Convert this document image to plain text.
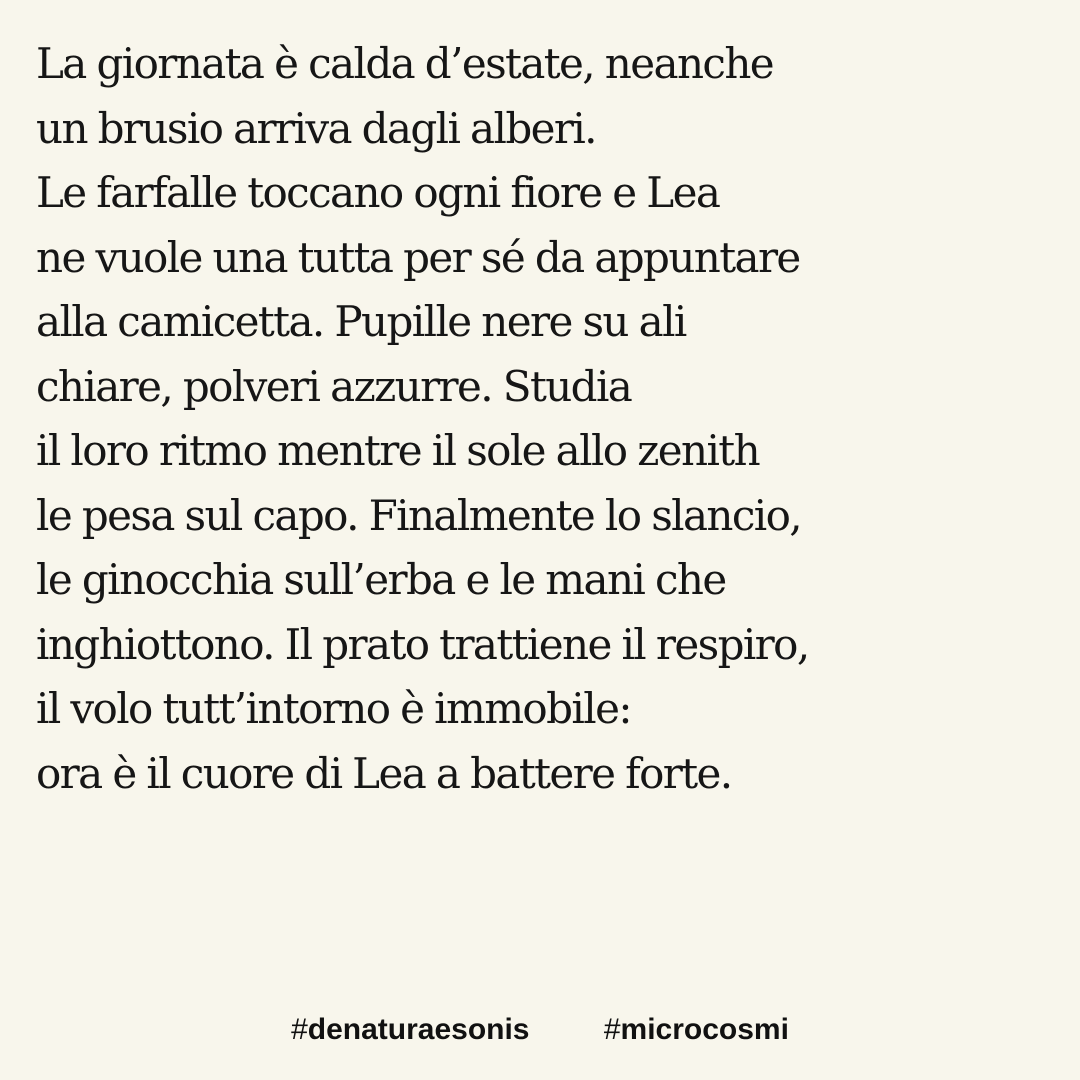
La giornata è calda d’estate, neanche
un brusio arriva dagli alberi.
Le farfalle toccano ogni fiore e Lea
ne vuole una tutta per sé da appuntare
alla camicetta. Pupille nere su ali
chiare, polveri azzurre. Studia
il loro ritmo mentre il sole allo zenith
le pesa sul capo. Finalmente lo slancio,
le ginocchia sull’erba e le mani che
inghiottono. Il prato trattiene il respiro,
il volo tutt’intorno è immobile:
ora è il cuore di Lea a battere forte.
#denaturaesonis #microcosmi
